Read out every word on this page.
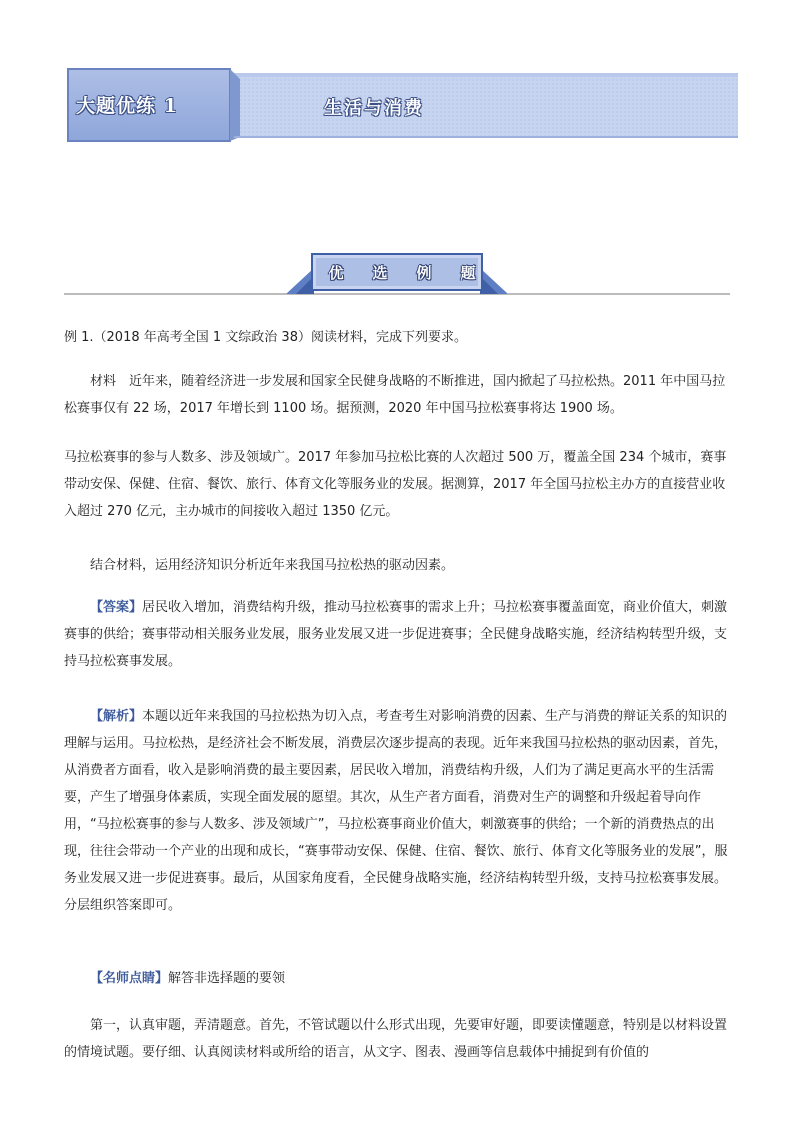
大题优练 1	生活与消费
优	选	例	题

例 1.（2018 年高考全国 1 文综政治 38）阅读材料，完成下列要求。

材料　近年来，随着经济进一步发展和国家全民健身战略的不断推进，国内掀起了马拉松热。2011 年中国马拉松赛事仅有 22 场，2017 年增长到 1100 场。据预测，2020 年中国马拉松赛事将达 1900 场。

马拉松赛事的参与人数多、涉及领域广。2017 年参加马拉松比赛的人次超过 500 万，覆盖全国 234 个城市，赛事带动安保、保健、住宿、餐饮、旅行、体育文化等服务业的发展。据测算，2017 年全国马拉松主办方的直接营业收入超过 270 亿元，主办城市的间接收入超过 1350 亿元。

结合材料，运用经济知识分析近年来我国马拉松热的驱动因素。

【答案】居民收入增加，消费结构升级，推动马拉松赛事的需求上升；马拉松赛事覆盖面宽，商业价值大，刺激赛事的供给；赛事带动相关服务业发展，服务业发展又进一步促进赛事；全民健身战略实施，经济结构转型升级，支持马拉松赛事发展。

【解析】本题以近年来我国的马拉松热为切入点，考查考生对影响消费的因素、生产与消费的辩证关系的知识的理解与运用。马拉松热，是经济社会不断发展，消费层次逐步提高的表现。近年来我国马拉松热的驱动因素，首先，从消费者方面看，收入是影响消费的最主要因素，居民收入增加，消费结构升级，人们为了满足更高水平的生活需要，产生了增强身体素质，实现全面发展的愿望。其次，从生产者方面看，消费对生产的调整和升级起着导向作用，“马拉松赛事的参与人数多、涉及领域广”，马拉松赛事商业价值大，刺激赛事的供给；一个新的消费热点的出现，往往会带动一个产业的出现和成长，“赛事带动安保、保健、住宿、餐饮、旅行、体育文化等服务业的发展”，服务业发展又进一步促进赛事。最后，从国家角度看，全民健身战略实施，经济结构转型升级，支持马拉松赛事发展。分层组织答案即可。

【名师点睛】解答非选择题的要领

第一，认真审题，弄清题意。首先，不管试题以什么形式出现，先要审好题，即要读懂题意，特别是以材料设置的情境试题。要仔细、认真阅读材料或所给的语言，从文字、图表、漫画等信息载体中捕捉到有价值的
